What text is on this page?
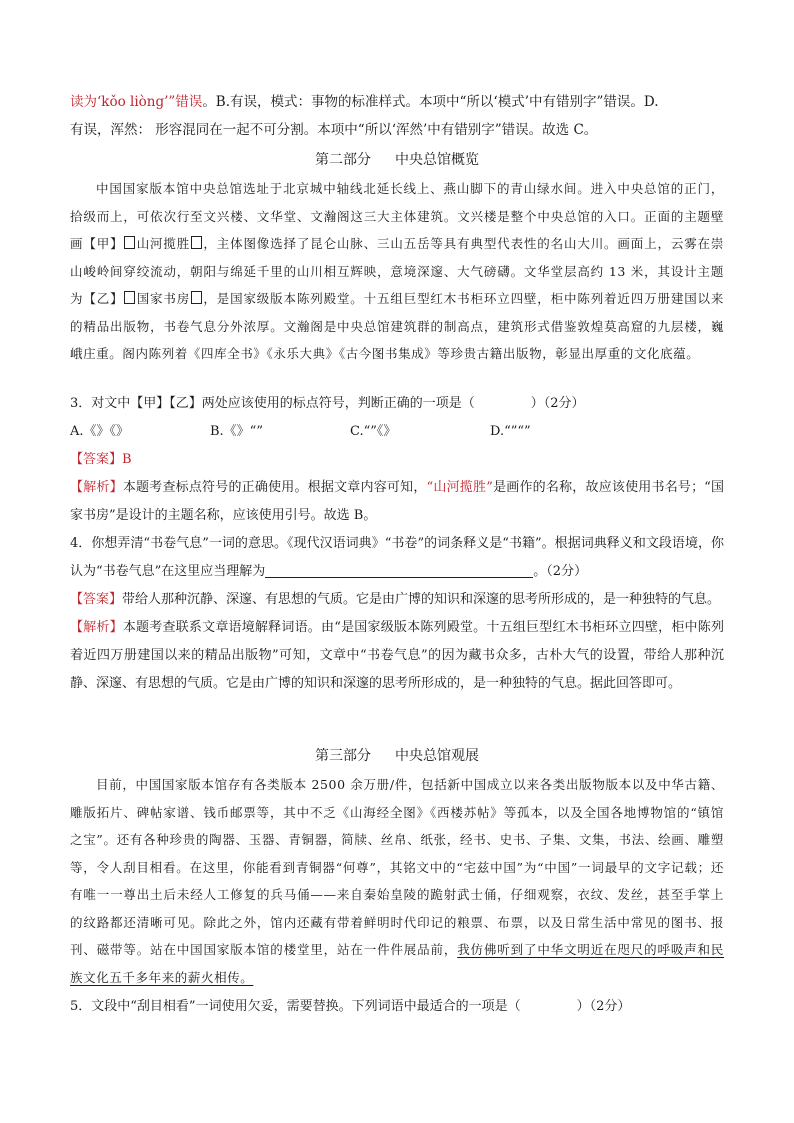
读为‘kǒo liòng’”错误。B.有误，模式：事物的标准样式。本项中“所以‘模式’中有错别字”错误。D.

有误，浑然： 形容混同在一起不可分割。本项中“所以‘浑然’中有错别字”错误。故选 C。

第二部分 中央总馆概览

中国国家版本馆中央总馆选址于北京城中轴线北延长线上、燕山脚下的青山绿水间。进入中央总馆的正门，拾级而上，可依次行至文兴楼、文华堂、文瀚阁这三大主体建筑。文兴楼是整个中央总馆的入口。正面的主题壁画【甲】 山河揽胜 ，主体图像选择了昆仑山脉、三山五岳等具有典型代表性的名山大川。画面上，云雾在崇山峻岭间穿绞流动，朝阳与绵延千里的山川相互辉映，意境深邃、大气磅礴。文华堂层高约 13 米，其设计主题为【乙】 国家书房 ，是国家级版本陈列殿堂。十五组巨型红木书柜环立四壁，柜中陈列着近四万册建国以来的精品出版物，书卷气息分外浓厚。文瀚阁是中央总馆建筑群的制高点，建筑形式借鉴敦煌莫高窟的九层楼，巍峨庄重。阁内陈列着《四库全书》《永乐大典》《古今图书集成》等珍贵古籍出版物，彰显出厚重的文化底蕴。

3．对文中【甲】【乙】两处应该使用的标点符号，判断正确的一项是（	）（2分）

A.《》《》	B.《》“”	C.“”《》	D.“”“”

【答案】B

【解析】本题考查标点符号的正确使用。根据文章内容可知，“山河揽胜”是画作的名称，故应该使用书名号；“国家书房”是设计的主题名称，应该使用引号。故选 B。

4．你想弄清“书卷气息”一词的意思。《现代汉语词典》“书卷”的词条释义是“书籍”。根据词典释义和文段语境，你认为“书卷气息”在这里应当理解为	。（2分）

【答案】带给人那种沉静、深邃、有思想的气质。它是由广博的知识和深邃的思考所形成的，是一种独特的气息。

【解析】本题考查联系文章语境解释词语。由“是国家级版本陈列殿堂。十五组巨型红木书柜环立四壁，柜中陈列着近四万册建国以来的精品出版物”可知，文章中“书卷气息”的因为藏书众多，古朴大气的设置，带给人那种沉静、深邃、有思想的气质。它是由广博的知识和深邃的思考所形成的，是一种独特的气息。据此回答即可。

第三部分 中央总馆观展

目前，中国国家版本馆存有各类版本 2500 余万册/件，包括新中国成立以来各类出版物版本以及中华古籍、雕版拓片、碑帖家谱、钱币邮票等，其中不乏《山海经全图》《西楼苏帖》等孤本，以及全国各地博物馆的“镇馆之宝”。还有各种珍贵的陶器、玉器、青铜器，简牍、丝帛、纸张，经书、史书、子集、文集，书法、绘画、雕塑等，令人刮目相看。在这里，你能看到青铜器“何尊”，其铭文中的“宅兹中国”为“中国”一词最早的文字记载；还有唯一一尊出土后未经人工修复的兵马俑——来自秦始皇陵的跪射武士俑，仔细观察，衣纹、发丝，甚至手掌上的纹路都还清晰可见。除此之外，馆内还藏有带着鲜明时代印记的粮票、布票，以及日常生活中常见的图书、报刊、磁带等。站在中国国家版本馆的楼堂里，站在一件件展品前，我仿佛听到了中华文明近在咫尺的呼吸声和民族文化五千多年来的薪火相传。

5．文段中“刮目相看”一词使用欠妥，需要替换。下列词语中最适合的一项是（	）（2分）
